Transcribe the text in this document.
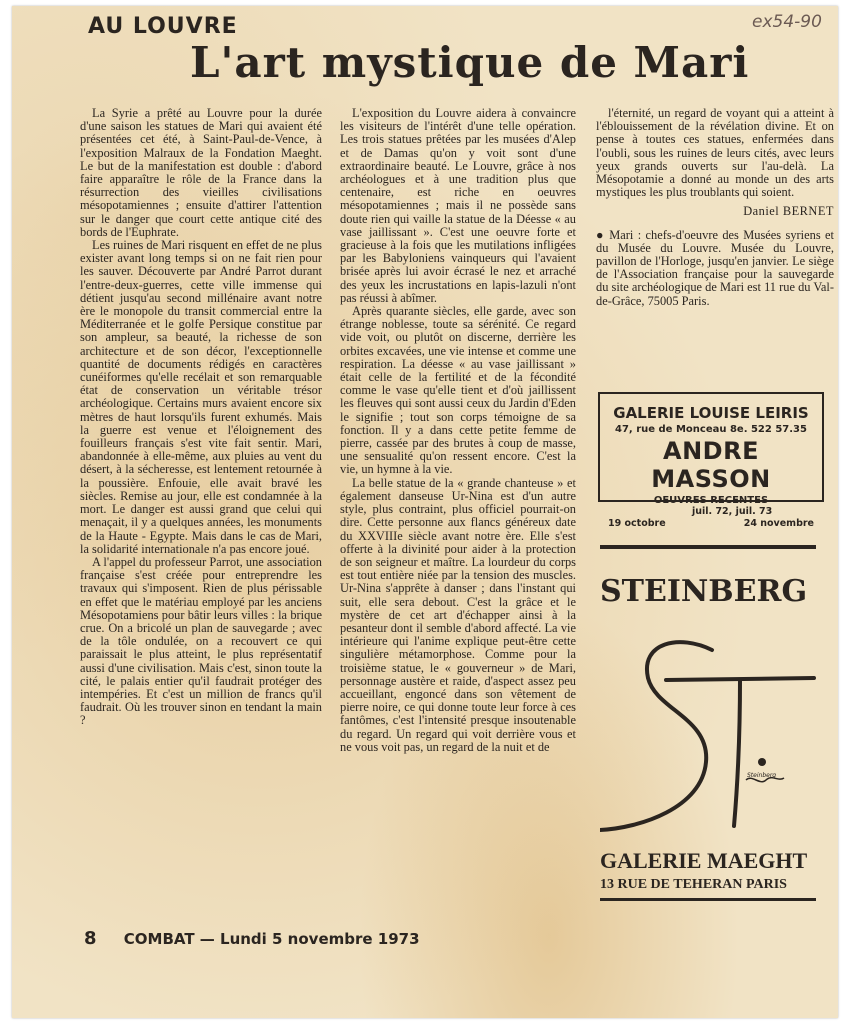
AU LOUVRE
L'art mystique de Mari
ex54-90

La Syrie a prêté au Louvre pour la durée d'une saison les statues de Mari qui avaient été présentées cet été, à Saint-Paul-de-Vence, à l'exposition Malraux de la Fondation Maeght. Le but de la manifestation est double : d'abord faire apparaître le rôle de la France dans la résurrection des vieilles civilisations mésopotamiennes ; ensuite d'attirer l'attention sur le danger que court cette antique cité des bords de l'Euphrate.

Les ruines de Mari risquent en effet de ne plus exister avant long temps si on ne fait rien pour les sauver. Découverte par André Parrot durant l'entre-deux-guerres, cette ville immense qui détient jusqu'au second millénaire avant notre ère le monopole du transit commercial entre la Méditerranée et le golfe Persique constitue par son ampleur, sa beauté, la richesse de son architecture et de son décor, l'exceptionnelle quantité de documents rédigés en caractères cunéiformes qu'elle recélait et son remarquable état de conservation un véritable trésor archéologique. Certains murs avaient encore six mètres de haut lorsqu'ils furent exhumés. Mais la guerre est venue et l'éloignement des fouilleurs français s'est vite fait sentir. Mari, abandonnée à elle-même, aux pluies au vent du désert, à la sécheresse, est lentement retournée à la poussière. Enfouie, elle avait bravé les siècles. Remise au jour, elle est condamnée à la mort. Le danger est aussi grand que celui qui menaçait, il y a quelques années, les monuments de la Haute - Egypte. Mais dans le cas de Mari, la solidarité internationale n'a pas encore joué.

A l'appel du professeur Parrot, une association française s'est créée pour entreprendre les travaux qui s'imposent. Rien de plus périssable en effet que le matériau employé par les anciens Mésopotamiens pour bâtir leurs villes : la brique crue. On a bricolé un plan de sauvegarde ; avec de la tôle ondulée, on a recouvert ce qui paraissait le plus atteint, le plus représentatif aussi d'une civilisation. Mais c'est, sinon toute la cité, le palais entier qu'il faudrait protéger des intempéries. Et c'est un million de francs qu'il faudrait. Où les trouver sinon en tendant la main ?

L'exposition du Louvre aidera à convaincre les visiteurs de l'intérêt d'une telle opération. Les trois statues prêtées par les musées d'Alep et de Damas qu'on y voit sont d'une extraordinaire beauté. Le Louvre, grâce à nos archéologues et à une tradition plus que centenaire, est riche en oeuvres mésopotamiennes ; mais il ne possède sans doute rien qui vaille la statue de la Déesse « au vase jaillissant ». C'est une oeuvre forte et gracieuse à la fois que les mutilations infligées par les Babyloniens vainqueurs qui l'avaient brisée après lui avoir écrasé le nez et arraché des yeux les incrustations en lapis-lazuli n'ont pas réussi à abîmer.

Après quarante siècles, elle garde, avec son étrange noblesse, toute sa sérénité. Ce regard vide voit, ou plutôt on discerne, derrière les orbites excavées, une vie intense et comme une respiration. La déesse « au vase jaillissant » était celle de la fertilité et de la fécondité comme le vase qu'elle tient et d'où jaillissent les fleuves qui sont aussi ceux du Jardin d'Eden le signifie ; tout son corps témoigne de sa fonction. Il y a dans cette petite femme de pierre, cassée par des brutes à coup de masse, une sensualité qu'on ressent encore. C'est la vie, un hymne à la vie.

La belle statue de la « grande chanteuse » et également danseuse Ur-Nina est d'un autre style, plus contraint, plus officiel pourrait-on dire. Cette personne aux flancs généreux date du XXVIIIe siècle avant notre ère. Elle s'est offerte à la divinité pour aider à la protection de son seigneur et maître. La lourdeur du corps est tout entière niée par la tension des muscles. Ur-Nina s'apprête à danser ; dans l'instant qui suit, elle sera debout. C'est la grâce et le mystère de cet art d'échapper ainsi à la pesanteur dont il semble d'abord affecté. La vie intérieure qui l'anime explique peut-être cette singulière métamorphose. Comme pour la troisième statue, le « gouverneur » de Mari, personnage austère et raide, d'aspect assez peu accueillant, engoncé dans son vêtement de pierre noire, ce qui donne toute leur force à ces fantômes, c'est l'intensité presque insoutenable du regard. Un regard qui voit derrière vous et ne vous voit pas, un regard de la nuit et de

l'éternité, un regard de voyant qui a atteint à l'éblouissement de la révélation divine. Et on pense à toutes ces statues, enfermées dans l'oubli, sous les ruines de leurs cités, avec leurs yeux grands ouverts sur l'au-delà. La Mésopotamie a donné au monde un des arts mystiques les plus troublants qui soient.

Daniel BERNET

● Mari : chefs-d'oeuvre des Musées syriens et du Musée du Louvre. Musée du Louvre, pavillon de l'Horloge, jusqu'en janvier. Le siège de l'Association française pour la sauvegarde du site archéologique de Mari est 11 rue du Val-de-Grâce, 75005 Paris.

GALERIE LOUISE LEIRIS
47, rue de Monceau 8e. 522 57.35
ANDRE MASSON
OEUVRES RECENTES
19 octobre
juil. 72, juil. 73
24 novembre
STEINBERG
Steinberg
GALERIE MAEGHT
13 RUE DE TEHERAN PARIS
8 COMBAT — Lundi 5 novembre 1973
